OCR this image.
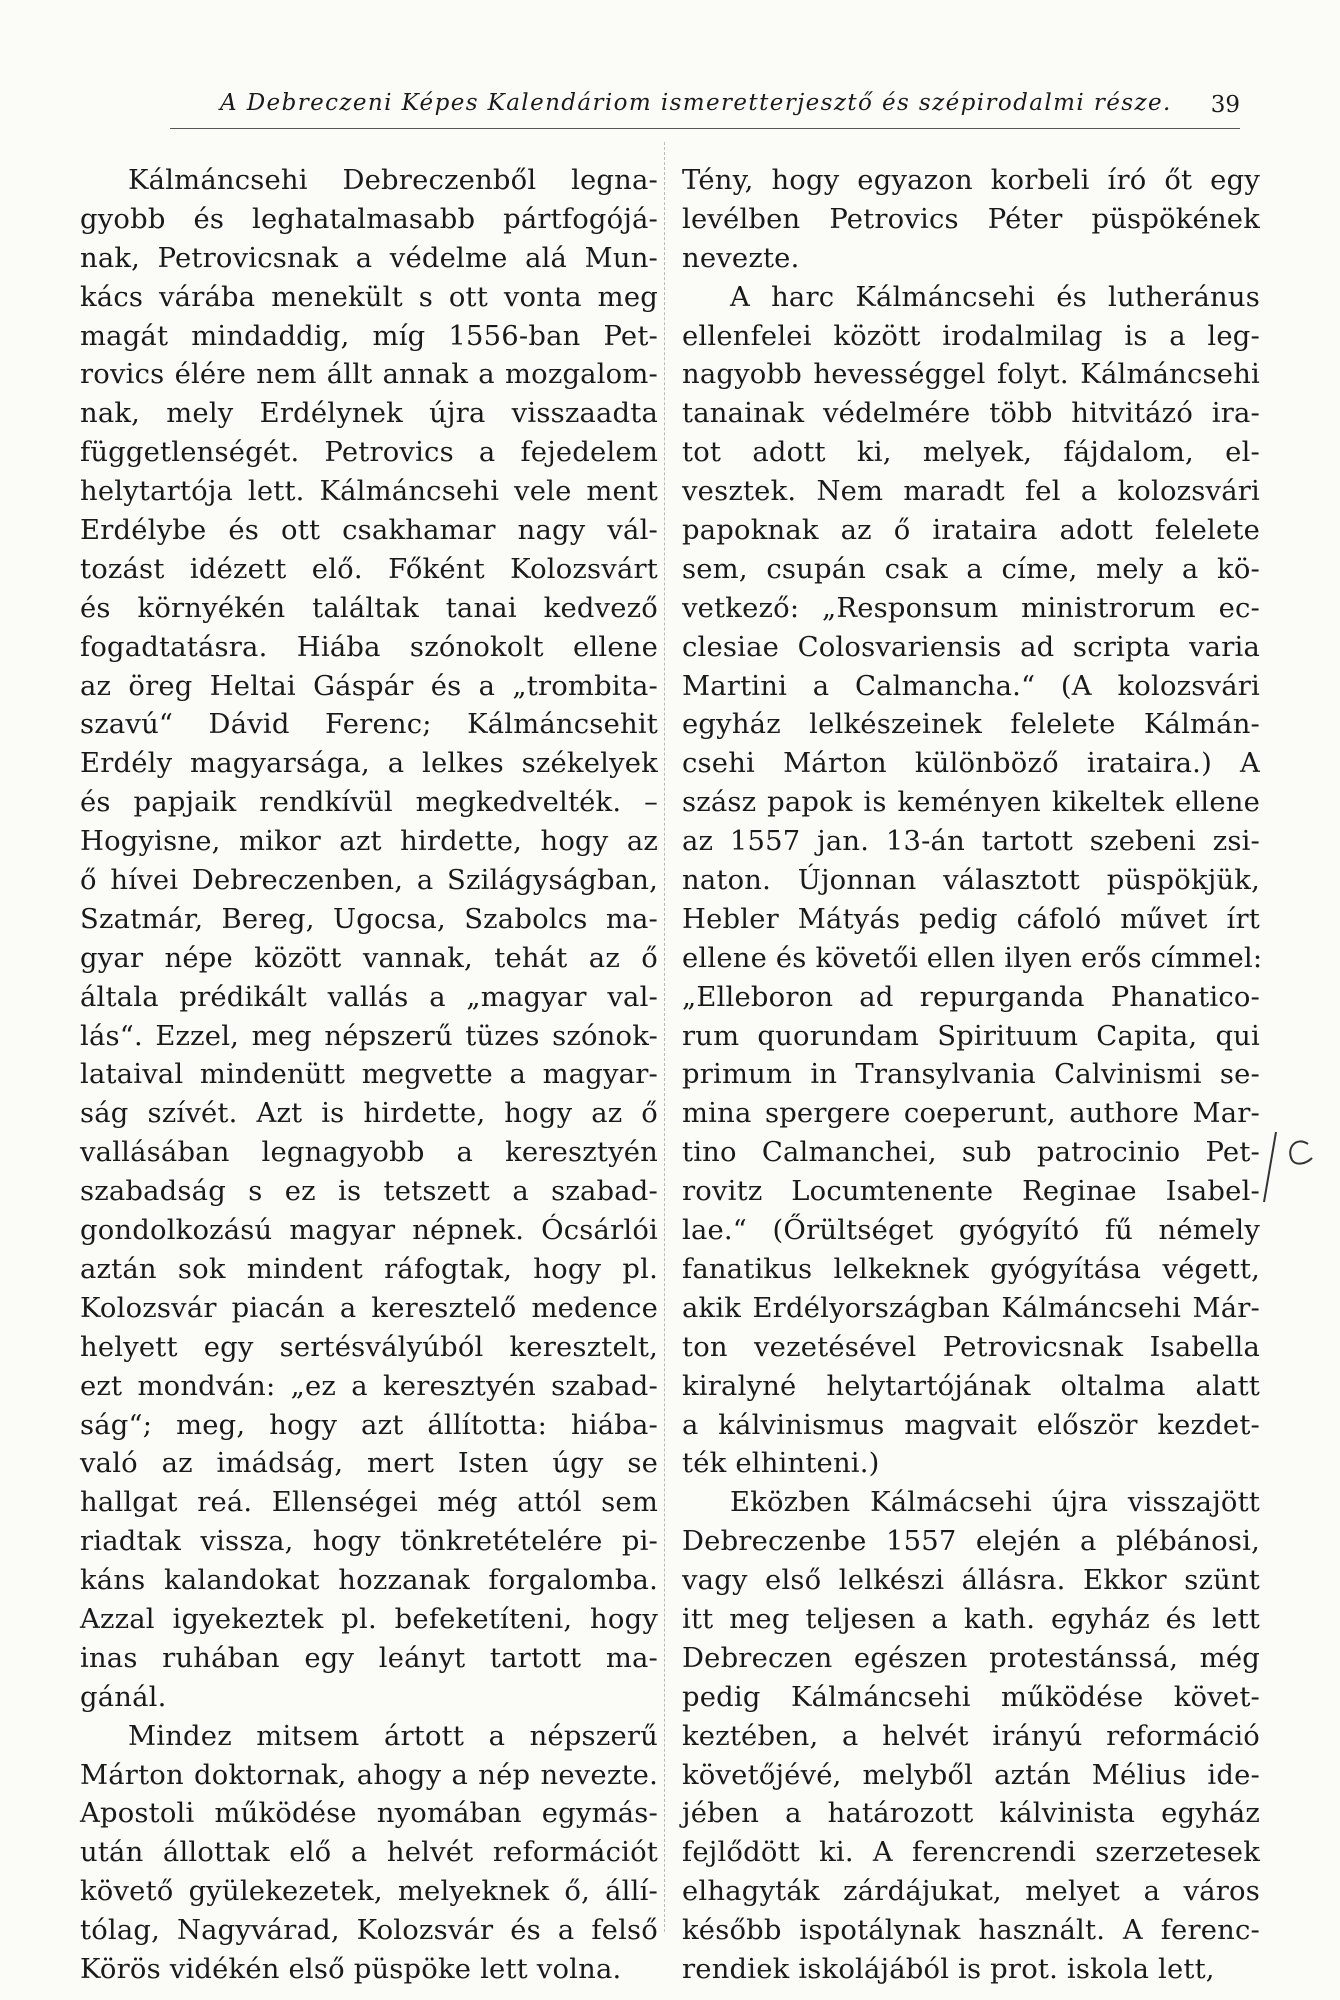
A Debreczeni Képes Kalendáriom ismeretterjesztő és szépirodalmi része. 39
Kálmáncsehi Debreczenből legna-
gyobb és leghatalmasabb pártfogójá-
nak, Petrovicsnak a védelme alá Mun-
kács várába menekült s ott vonta meg
magát mindaddig, míg 1556-ban Pet-
rovics élére nem állt annak a mozgalom-
nak, mely Erdélynek újra visszaadta
függetlenségét. Petrovics a fejedelem
helytartója lett. Kálmáncsehi vele ment
Erdélybe és ott csakhamar nagy vál-
tozást idézett elő. Főként Kolozsvárt
és környékén találtak tanai kedvező
fogadtatásra. Hiába szónokolt ellene
az öreg Heltai Gáspár és a „trombita-
szavú“ Dávid Ferenc; Kálmáncsehit
Erdély magyarsága, a lelkes székelyek
és papjaik rendkívül megkedvelték. –
Hogyisne, mikor azt hirdette, hogy az
ő hívei Debreczenben, a Szilágyságban,
Szatmár, Bereg, Ugocsa, Szabolcs ma-
gyar népe között vannak, tehát az ő
általa prédikált vallás a „magyar val-
lás“. Ezzel, meg népszerű tüzes szónok-
lataival mindenütt megvette a magyar-
ság szívét. Azt is hirdette, hogy az ő
vallásában legnagyobb a keresztyén
szabadság s ez is tetszett a szabad-
gondolkozású magyar népnek. Ócsárlói
aztán sok mindent ráfogtak, hogy pl.
Kolozsvár piacán a keresztelő medence
helyett egy sertésvályúból keresztelt,
ezt mondván: „ez a keresztyén szabad-
ság“; meg, hogy azt állította: hiába-
való az imádság, mert Isten úgy se
hallgat reá. Ellenségei még attól sem
riadtak vissza, hogy tönkretételére pi-
káns kalandokat hozzanak forgalomba.
Azzal igyekeztek pl. befeketíteni, hogy
inas ruhában egy leányt tartott ma-
gánál.
Mindez mitsem ártott a népszerű
Márton doktornak, ahogy a nép nevezte.
Apostoli működése nyomában egymás-
után állottak elő a helvét reformációt
követő gyülekezetek, melyeknek ő, állí-
tólag, Nagyvárad, Kolozsvár és a felső
Körös vidékén első püspöke lett volna.
Tény, hogy egyazon korbeli író őt egy
levélben Petrovics Péter püspökének
nevezte.
A harc Kálmáncsehi és lutheránus
ellenfelei között irodalmilag is a leg-
nagyobb hevességgel folyt. Kálmáncsehi
tanainak védelmére több hitvitázó ira-
tot adott ki, melyek, fájdalom, el-
vesztek. Nem maradt fel a kolozsvári
papoknak az ő irataira adott felelete
sem, csupán csak a címe, mely a kö-
vetkező: „Responsum ministrorum ec-
clesiae Colosvariensis ad scripta varia
Martini a Calmancha.“ (A kolozsvári
egyház lelkészeinek felelete Kálmán-
csehi Márton különböző irataira.) A
szász papok is keményen kikeltek ellene
az 1557 jan. 13-án tartott szebeni zsi-
naton. Újonnan választott püspökjük,
Hebler Mátyás pedig cáfoló művet írt
ellene és követői ellen ilyen erős címmel:
„Elleboron ad repurganda Phanatico-
rum quorundam Spirituum Capita, qui
primum in Transylvania Calvinismi se-
mina spergere coeperunt, authore Mar-
tino Calmanchei, sub patrocinio Pet-
rovitz Locumtenente Reginae Isabel-
lae.“ (Őrültséget gyógyító fű némely
fanatikus lelkeknek gyógyítása végett,
akik Erdélyországban Kálmáncsehi Már-
ton vezetésével Petrovicsnak Isabella
kiralyné helytartójának oltalma alatt
a kálvinismus magvait először kezdet-
ték elhinteni.)
Eközben Kálmácsehi újra visszajött
Debreczenbe 1557 elején a plébánosi,
vagy első lelkészi állásra. Ekkor szünt
itt meg teljesen a kath. egyház és lett
Debreczen egészen protestánssá, még
pedig Kálmáncsehi működése követ-
keztében, a helvét irányú reformáció
követőjévé, melyből aztán Mélius ide-
jében a határozott kálvinista egyház
fejlődött ki. A ferencrendi szerzetesek
elhagyták zárdájukat, melyet a város
később ispotálynak használt. A ferenc-
rendiek iskolájából is prot. iskola lett,
